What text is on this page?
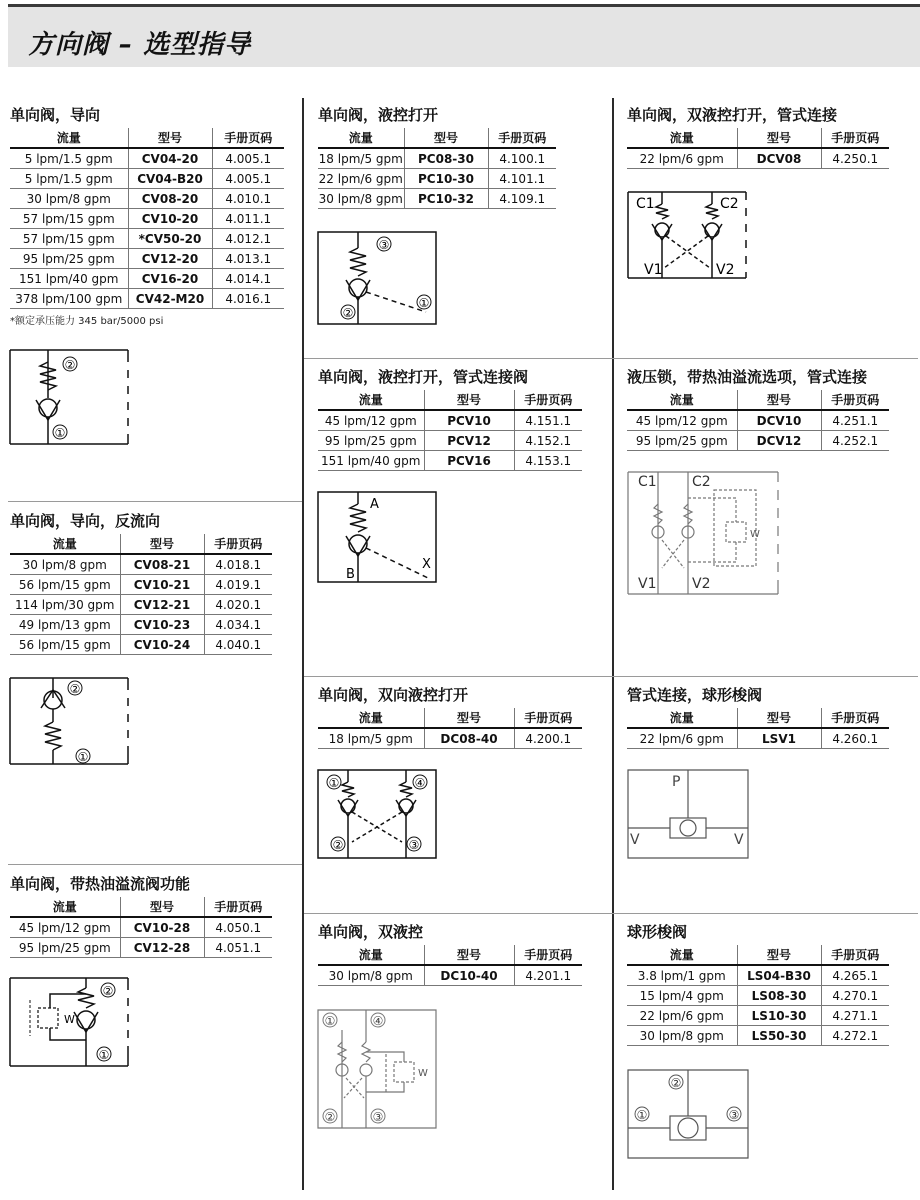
方向阀 – 选型指导
单向阀，导向
流量	型号	手册页码
5 lpm/1.5 gpm	CV04-20	4.005.1
5 lpm/1.5 gpm	CV04-B20	4.005.1
30 lpm/8 gpm	CV08-20	4.010.1
57 lpm/15 gpm	CV10-20	4.011.1
57 lpm/15 gpm	*CV50-20	4.012.1
95 lpm/25 gpm	CV12-20	4.013.1
151 lpm/40 gpm	CV16-20	4.014.1
378 lpm/100 gpm	CV42-M20	4.016.1
*额定承压能力 345 bar/5000 psi
②
①
单向阀，导向，反流向
流量	型号	手册页码
30 lpm/8 gpm	CV08-21	4.018.1
56 lpm/15 gpm	CV10-21	4.019.1
114 lpm/30 gpm	CV12-21	4.020.1
49 lpm/13 gpm	CV10-23	4.034.1
56 lpm/15 gpm	CV10-24	4.040.1
②
①
单向阀，带热油溢流阀功能
流量	型号	手册页码
45 lpm/12 gpm	CV10-28	4.050.1
95 lpm/25 gpm	CV12-28	4.051.1
W
②
①
单向阀，液控打开
流量	型号	手册页码
18 lpm/5 gpm	PC08-30	4.100.1
22 lpm/6 gpm	PC10-30	4.101.1
30 lpm/8 gpm	PC10-32	4.109.1
③
②
①
单向阀，液控打开，管式连接阀
流量	型号	手册页码
45 lpm/12 gpm	PCV10	4.151.1
95 lpm/25 gpm	PCV12	4.152.1
151 lpm/40 gpm	PCV16	4.153.1
A
B
X
单向阀，双向液控打开
流量	型号	手册页码
18 lpm/5 gpm	DC08-40	4.200.1
①	④
②	③
单向阀，双液控
流量	型号	手册页码
30 lpm/8 gpm	DC10-40	4.201.1
W
①	④
②	③
单向阀，双液控打开，管式连接
流量	型号	手册页码
22 lpm/6 gpm	DCV08	4.250.1
C1	C2
V1	V2
液压锁，带热油溢流选项，管式连接
流量	型号	手册页码
45 lpm/12 gpm	DCV10	4.251.1
95 lpm/25 gpm	DCV12	4.252.1
W
C1	C2
V1	V2
管式连接，球形梭阀
流量	型号	手册页码
22 lpm/6 gpm	LSV1	4.260.1
P
V	V
球形梭阀
流量	型号	手册页码
3.8 lpm/1 gpm	LS04-B30	4.265.1
15 lpm/4 gpm	LS08-30	4.270.1
22 lpm/6 gpm	LS10-30	4.271.1
30 lpm/8 gpm	LS50-30	4.272.1
②
①	③
